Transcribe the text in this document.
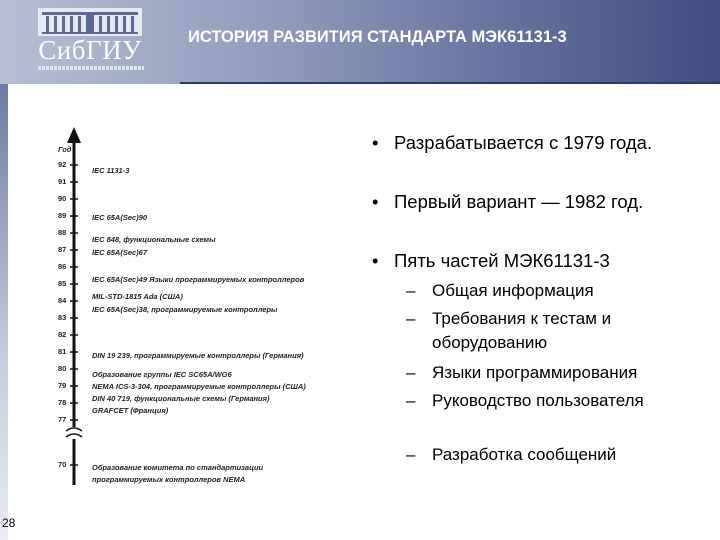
СибГИУ	ИСТОРИЯ РАЗВИТИЯ СТАНДАРТА МЭК61131-3
Год
92
91
90
89
88
87
86
85
84
83
82
81
80
79
78
77
70
IEC 1131-3
IEC 65A(Sec)90
IEC 848, функциональные схемы
IEC 65A(Sec)67
IEC 65A(Sec)49 Языки программируемых контроллеров
MIL-STD-1815 Ada (США)
IEC 65A(Sec)38, программируемые контроллеры
DIN 19 239, программируемые контроллеры (Германия)
Образование группы IEC SC65A/WG6
NEMA ICS-3-304, программируемые контроллеры (США)
DIN 40 719, функциональные схемы (Германия)
GRAFCET (Франция)
Образование комитета по стандартизации
программируемых контроллеров NEMA
• Разрабатывается с 1979 года.
• Первый вариант — 1982 год.
• Пять частей МЭК61131-3
– Общая информация
– Требования к тестам и оборудованию
– Языки программирования
– Руководство пользователя
– Разработка сообщений
28
